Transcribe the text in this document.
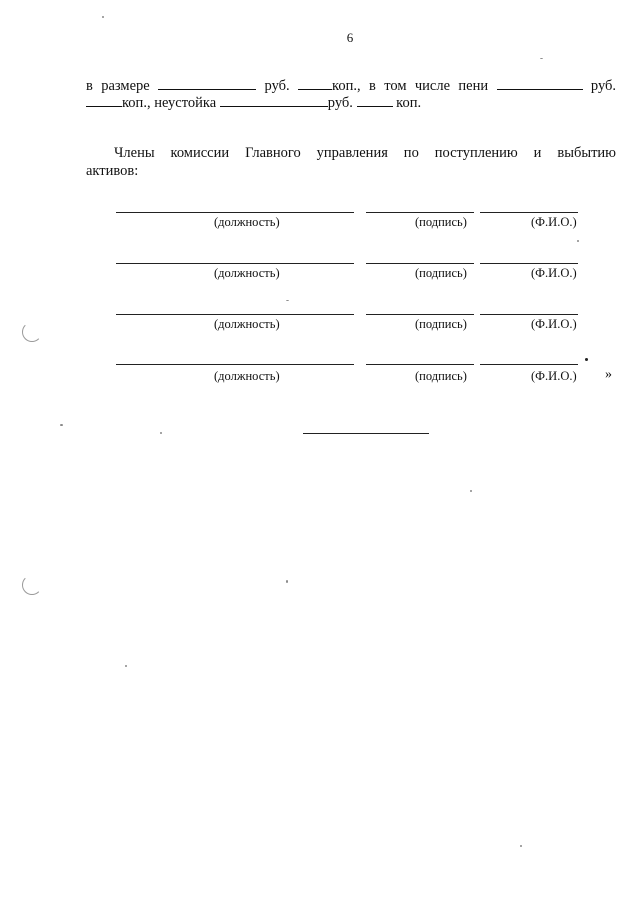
6
в размере	руб.	коп., в том числе пени	руб.
коп., неустойка	руб.	коп.
Члены комиссии Главного управления по поступлению и выбытию
активов:
(должность)	(подпись)	(Ф.И.О.)
(должность)	(подпись)	(Ф.И.О.)
(должность)	(подпись)	(Ф.И.О.)
(должность)	(подпись)	(Ф.И.О.) »
